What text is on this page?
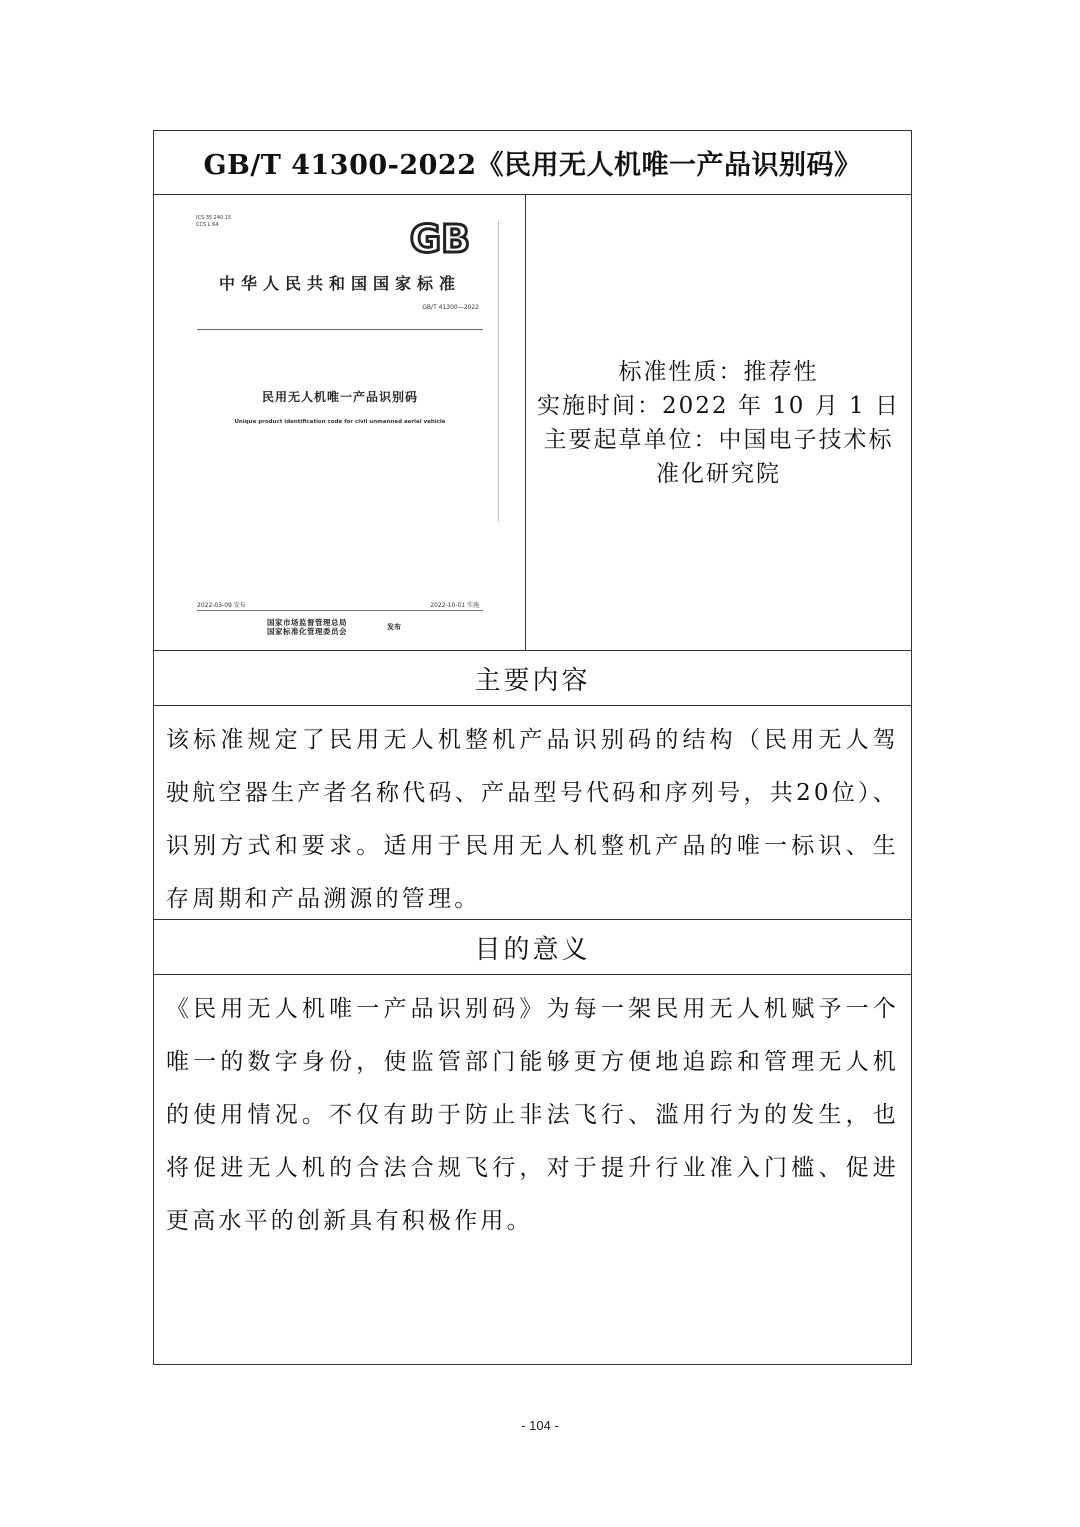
GB/T 41300-2022《民用无人机唯一产品识别码》
ICS 35.240.15
CCS L 64	GB
中华人民共和国国家标准
GB/T 41300—2022
民用无人机唯一产品识别码
Unique product identification code for civil unmanned aerial vehicle
2022-03-09 发布	2022-10-01 实施
国家市场监督管理总局
国家标准化管理委员会	发布
标准性质：推荐性
实施时间：2022 年 10 月 1 日
主要起草单位：中国电子技术标
准化研究院
主要内容

该标准规定了民用无人机整机产品识别码的结构（民用无人驾驶航空器生产者名称代码、产品型号代码和序列号，共20位）、识别方式和要求。适用于民用无人机整机产品的唯一标识、生存周期和产品溯源的管理。

目的意义

《民用无人机唯一产品识别码》为每一架民用无人机赋予一个唯一的数字身份，使监管部门能够更方便地追踪和管理无人机的使用情况。不仅有助于防止非法飞行、滥用行为的发生，也将促进无人机的合法合规飞行，对于提升行业准入门槛、促进更高水平的创新具有积极作用。

- 104 -
